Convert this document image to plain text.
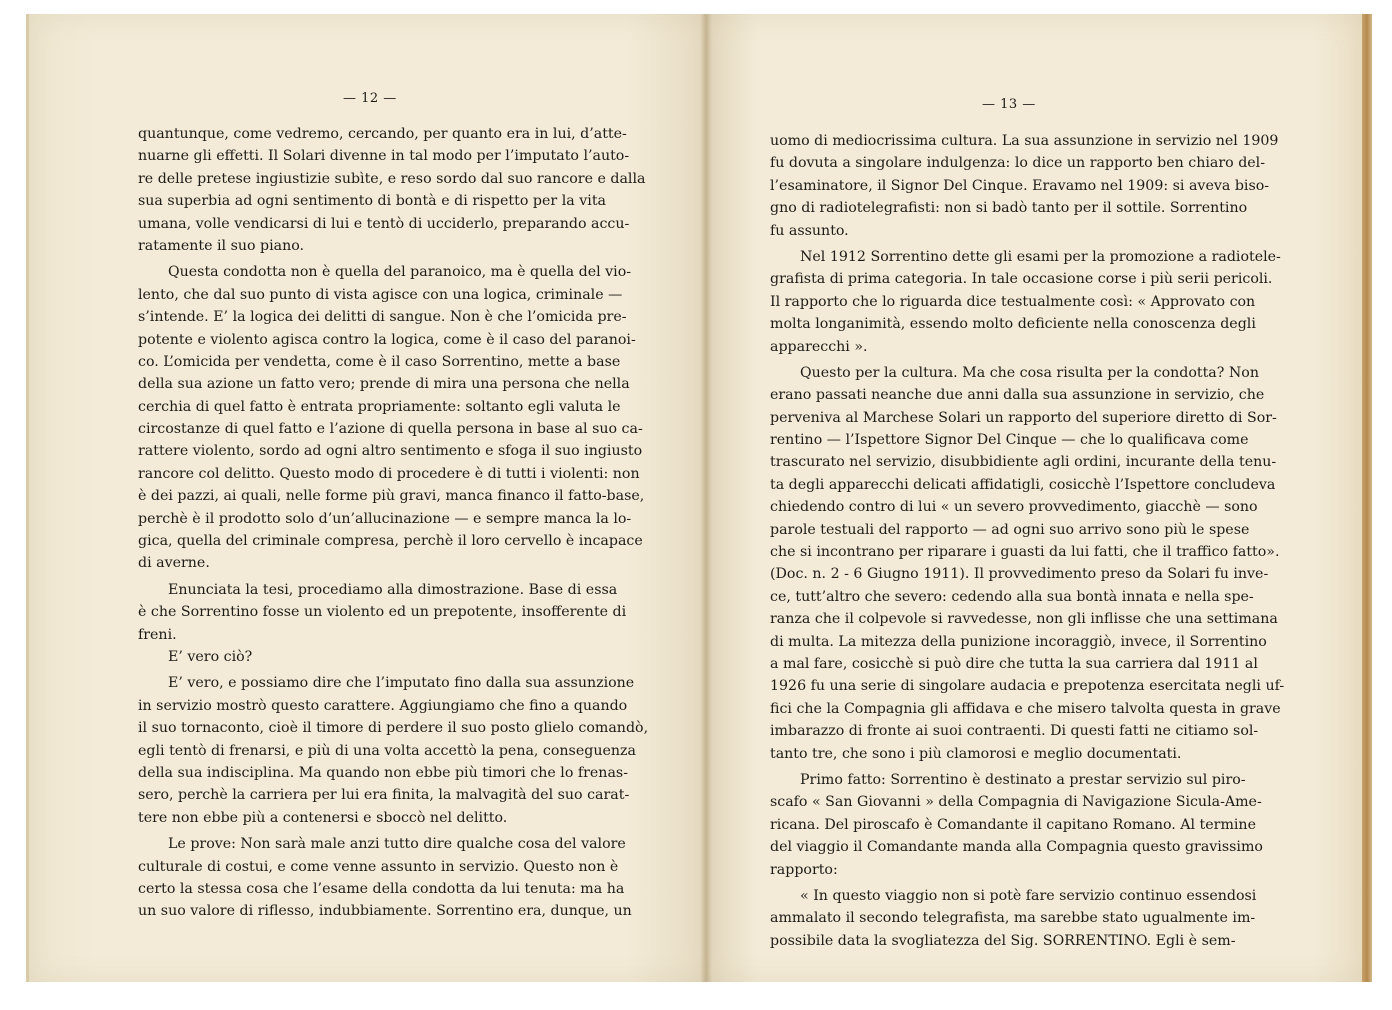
— 12 —	— 13 —
quantunque, come vedremo, cercando, per quanto era in lui, d’atte-
nuarne gli effetti. Il Solari divenne in tal modo per l’imputato l’auto-
re delle pretese ingiustizie subìte, e reso sordo dal suo rancore e dalla
sua superbia ad ogni sentimento di bontà e di rispetto per la vita
umana, volle vendicarsi di lui e tentò di ucciderlo, preparando accu-
ratamente il suo piano.
Questa condotta non è quella del paranoico, ma è quella del vio-
lento, che dal suo punto di vista agisce con una logica, criminale —
s’intende. E’ la logica dei delitti di sangue. Non è che l’omicida pre-
potente e violento agisca contro la logica, come è il caso del paranoi-
co. L’omicida per vendetta, come è il caso Sorrentino, mette a base
della sua azione un fatto vero; prende di mira una persona che nella
cerchia di quel fatto è entrata propriamente: soltanto egli valuta le
circostanze di quel fatto e l’azione di quella persona in base al suo ca-
rattere violento, sordo ad ogni altro sentimento e sfoga il suo ingiusto
rancore col delitto. Questo modo di procedere è di tutti i violenti: non
è dei pazzi, ai quali, nelle forme più gravi, manca financo il fatto-base,
perchè è il prodotto solo d’un’allucinazione — e sempre manca la lo-
gica, quella del criminale compresa, perchè il loro cervello è incapace
di averne.
Enunciata la tesi, procediamo alla dimostrazione. Base di essa
è che Sorrentino fosse un violento ed un prepotente, insofferente di
freni.
E’ vero ciò?
E’ vero, e possiamo dire che l’imputato fino dalla sua assunzione
in servizio mostrò questo carattere. Aggiungiamo che fino a quando
il suo tornaconto, cioè il timore di perdere il suo posto glielo comandò,
egli tentò di frenarsi, e più di una volta accettò la pena, conseguenza
della sua indisciplina. Ma quando non ebbe più timori che lo frenas-
sero, perchè la carriera per lui era finita, la malvagità del suo carat-
tere non ebbe più a contenersi e sboccò nel delitto.
Le prove: Non sarà male anzi tutto dire qualche cosa del valore
culturale di costui, e come venne assunto in servizio. Questo non è
certo la stessa cosa che l’esame della condotta da lui tenuta: ma ha
un suo valore di riflesso, indubbiamente. Sorrentino era, dunque, un
uomo di mediocrissima cultura. La sua assunzione in servizio nel 1909
fu dovuta a singolare indulgenza: lo dice un rapporto ben chiaro del-
l’esaminatore, il Signor Del Cinque. Eravamo nel 1909: si aveva biso-
gno di radiotelegrafisti: non si badò tanto per il sottile. Sorrentino
fu assunto.
Nel 1912 Sorrentino dette gli esami per la promozione a radiotele-
grafista di prima categoria. In tale occasione corse i più serii pericoli.
Il rapporto che lo riguarda dice testualmente così: « Approvato con
molta longanimità, essendo molto deficiente nella conoscenza degli
apparecchi ».
Questo per la cultura. Ma che cosa risulta per la condotta? Non
erano passati neanche due anni dalla sua assunzione in servizio, che
perveniva al Marchese Solari un rapporto del superiore diretto di Sor-
rentino — l’Ispettore Signor Del Cinque — che lo qualificava come
trascurato nel servizio, disubbidiente agli ordini, incurante della tenu-
ta degli apparecchi delicati affidatigli, cosicchè l’Ispettore concludeva
chiedendo contro di lui « un severo provvedimento, giacchè — sono
parole testuali del rapporto — ad ogni suo arrivo sono più le spese
che si incontrano per riparare i guasti da lui fatti, che il traffico fatto».
(Doc. n. 2 - 6 Giugno 1911). Il provvedimento preso da Solari fu inve-
ce, tutt’altro che severo: cedendo alla sua bontà innata e nella spe-
ranza che il colpevole si ravvedesse, non gli inflisse che una settimana
di multa. La mitezza della punizione incoraggiò, invece, il Sorrentino
a mal fare, cosicchè si può dire che tutta la sua carriera dal 1911 al
1926 fu una serie di singolare audacia e prepotenza esercitata negli uf-
fici che la Compagnia gli affidava e che misero talvolta questa in grave
imbarazzo di fronte ai suoi contraenti. Di questi fatti ne citiamo sol-
tanto tre, che sono i più clamorosi e meglio documentati.
Primo fatto: Sorrentino è destinato a prestar servizio sul piro-
scafo « San Giovanni » della Compagnia di Navigazione Sicula-Ame-
ricana. Del piroscafo è Comandante il capitano Romano. Al termine
del viaggio il Comandante manda alla Compagnia questo gravissimo
rapporto:
« In questo viaggio non si potè fare servizio continuo essendosi
ammalato il secondo telegrafista, ma sarebbe stato ugualmente im-
possibile data la svogliatezza del Sig. SORRENTINO. Egli è sem-
